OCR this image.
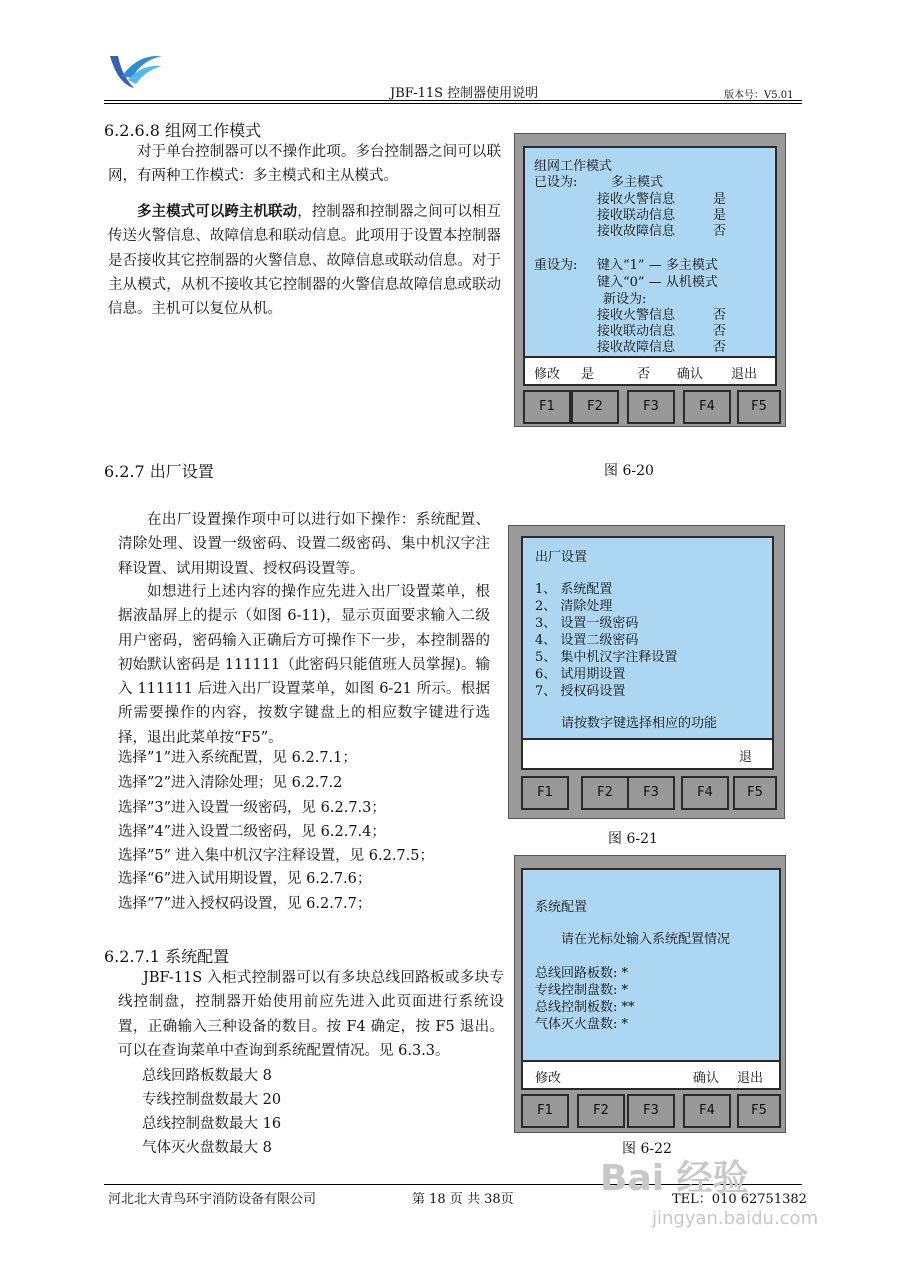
JBF-11S 控制器使用说明	版本号：V5.01
6.2.6.8 组网工作模式
对于单台控制器可以不操作此项。多台控制器之间可以联网，有两种工作模式：多主模式和主从模式。
多主模式可以跨主机联动，控制器和控制器之间可以相互传送火警信息、故障信息和联动信息。此项用于设置本控制器是否接收其它控制器的火警信息、故障信息或联动信息。对于主从模式，从机不接收其它控制器的火警信息故障信息或联动信息。主机可以复位从机。
组网工作模式
已设为:	多主模式
接收火警信息	是
接收联动信息	是
接收故障信息	否
重设为: 键入“1” — 多主模式
键入“0” — 从机模式
新设为:
接收火警信息	否
接收联动信息	否
接收故障信息	否
修改 是	否 确认 退出
F1	F2	F3	F4	F5
图 6-20
6.2.7 出厂设置
在出厂设置操作项中可以进行如下操作：系统配置、清除处理、设置一级密码、设置二级密码、集中机汉字注释设置、试用期设置、授权码设置等。
如想进行上述内容的操作应先进入出厂设置菜单，根据液晶屏上的提示（如图 6-11)，显示页面要求输入二级用户密码，密码输入正确后方可操作下一步，本控制器的初始默认密码是 111111（此密码只能值班人员掌握)。输入 111111 后进入出厂设置菜单，如图 6-21 所示。根据所需要操作的内容，按数字键盘上的相应数字键进行选择，退出此菜单按“F5”。
选择”1”进入系统配置，见 6.2.7.1；
选择”2”进入清除处理；见 6.2.7.2
选择”3”进入设置一级密码，见 6.2.7.3；
选择”4”进入设置二级密码，见 6.2.7.4；
选择”5” 进入集中机汉字注释设置，见 6.2.7.5；
选择“6”进入试用期设置，见 6.2.7.6；
选择“7”进入授权码设置，见 6.2.7.7；
出厂设置
1、 系统配置
2、 清除处理
3、 设置一级密码
4、 设置二级密码
5、 集中机汉字注释设置
6、 试用期设置
7、 授权码设置
请按数字键选择相应的功能
退
F1	F2	F3	F4	F5
图 6-21
6.2.7.1 系统配置
JBF-11S 入柜式控制器可以有多块总线回路板或多块专线控制盘，控制器开始使用前应先进入此页面进行系统设置，正确输入三种设备的数目。按 F4 确定，按 F5 退出。可以在查询菜单中查询到系统配置情况。见 6.3.3。
总线回路板数最大 8
专线控制盘数最大 20
总线控制盘数最大 16
气体灭火盘数最大 8
系统配置
请在光标处输入系统配置情况
总线回路板数: *
专线控制盘数: *
总线控制板数: **
气体灭火盘数: *
修改	确认 退出
F1	F2	F3	F4	F5
图 6-22
河北北大青鸟环宇消防设备有限公司	第 18 页 共 38页	TEL：010 62751382
Bai 经验
jingyan.baidu.com
